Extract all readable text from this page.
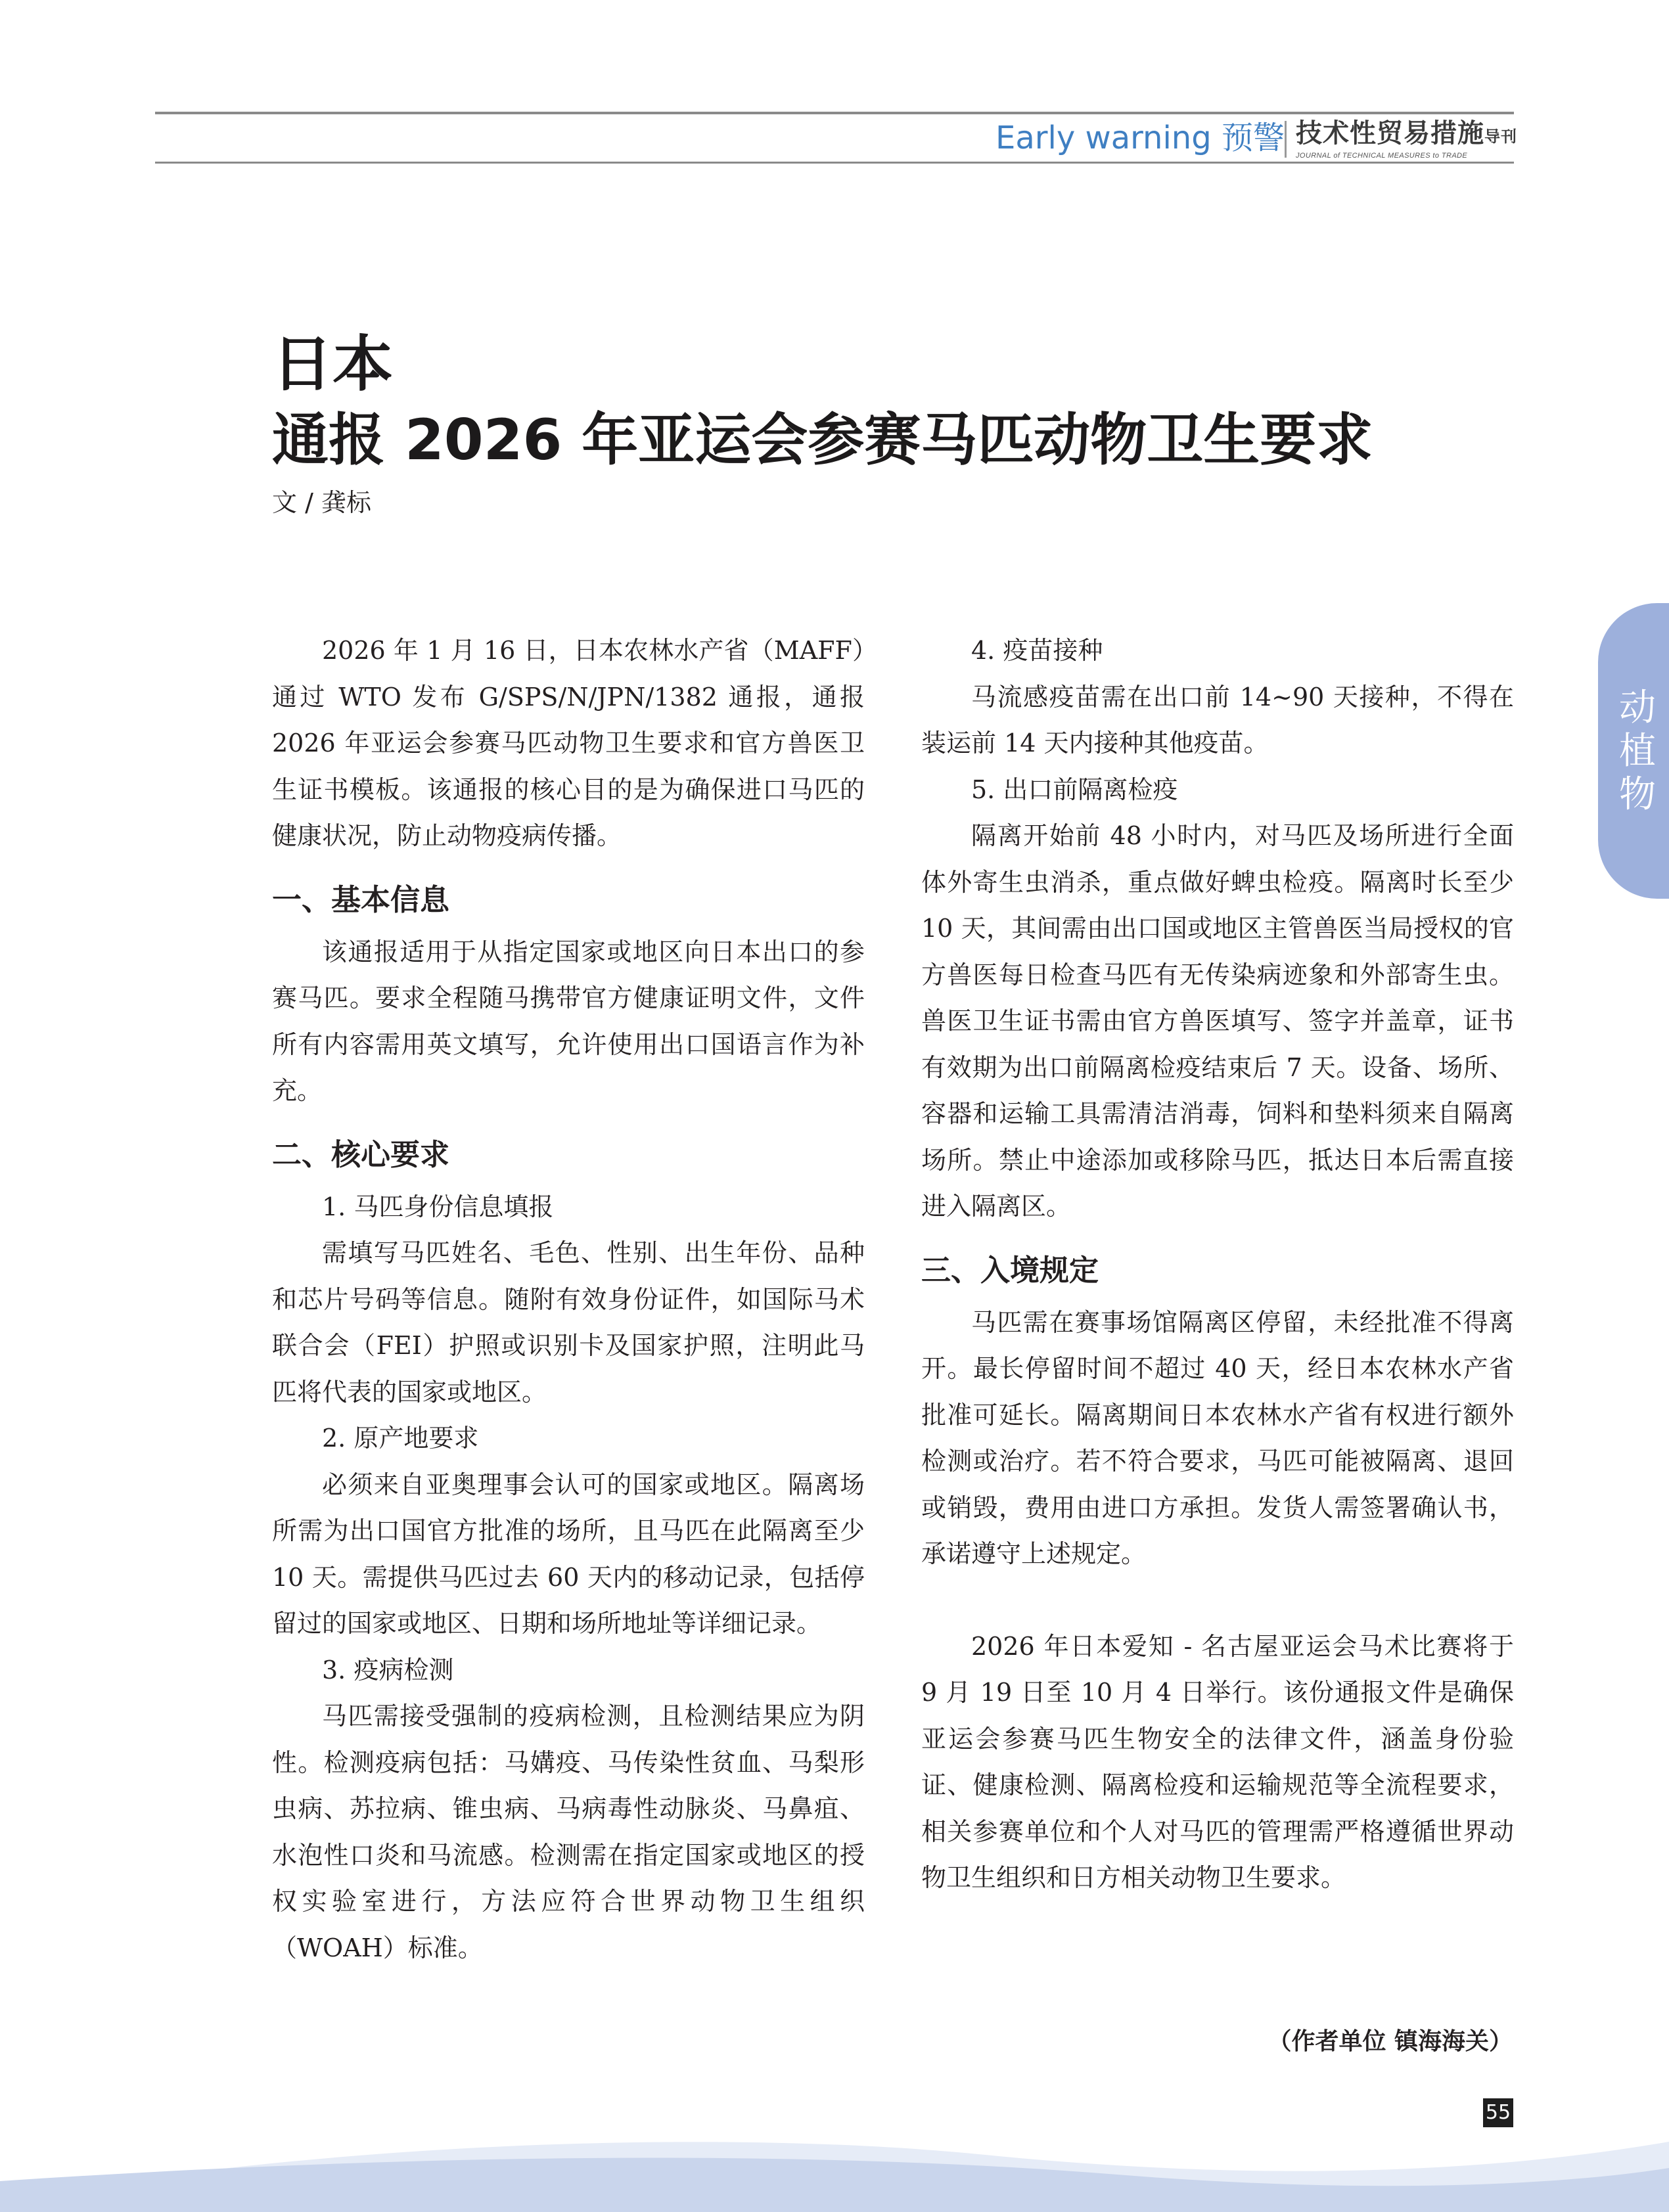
Early warning 预警 技术性贸易措施导刊
JOURNAL of TECHNICAL MEASURES to TRADE
日本
通报 2026 年亚运会参赛马匹动物卫生要求
文 / 龚标

2026 年 1 月 16 日，日本农林水产省（MAFF）通过 WTO 发布 G/SPS/N/JPN/1382 通报，通报 2026 年亚运会参赛马匹动物卫生要求和官方兽医卫生证书模板。该通报的核心目的是为确保进口马匹的健康状况，防止动物疫病传播。

一、基本信息

该通报适用于从指定国家或地区向日本出口的参赛马匹。要求全程随马携带官方健康证明文件，文件所有内容需用英文填写，允许使用出口国语言作为补充。

二、核心要求

1. 马匹身份信息填报

需填写马匹姓名、毛色、性别、出生年份、品种和芯片号码等信息。随附有效身份证件，如国际马术联合会（FEI）护照或识别卡及国家护照，注明此马匹将代表的国家或地区。

2. 原产地要求

必须来自亚奥理事会认可的国家或地区。隔离场所需为出口国官方批准的场所，且马匹在此隔离至少 10 天。需提供马匹过去 60 天内的移动记录，包括停留过的国家或地区、日期和场所地址等详细记录。

3. 疫病检测

马匹需接受强制的疫病检测，且检测结果应为阴性。检测疫病包括：马媾疫、马传染性贫血、马梨形虫病、苏拉病、锥虫病、马病毒性动脉炎、马鼻疽、水泡性口炎和马流感。检测需在指定国家或地区的授权实验室进行，方法应符合世界动物卫生组织（WOAH）标准。

4. 疫苗接种

马流感疫苗需在出口前 14~90 天接种，不得在装运前 14 天内接种其他疫苗。

5. 出口前隔离检疫

隔离开始前 48 小时内，对马匹及场所进行全面体外寄生虫消杀，重点做好蜱虫检疫。隔离时长至少 10 天，其间需由出口国或地区主管兽医当局授权的官方兽医每日检查马匹有无传染病迹象和外部寄生虫。兽医卫生证书需由官方兽医填写、签字并盖章，证书有效期为出口前隔离检疫结束后 7 天。设备、场所、容器和运输工具需清洁消毒，饲料和垫料须来自隔离场所。禁止中途添加或移除马匹，抵达日本后需直接进入隔离区。

三、入境规定

马匹需在赛事场馆隔离区停留，未经批准不得离开。最长停留时间不超过 40 天，经日本农林水产省批准可延长。隔离期间日本农林水产省有权进行额外检测或治疗。若不符合要求，马匹可能被隔离、退回或销毁，费用由进口方承担。发货人需签署确认书，承诺遵守上述规定。

2026 年日本爱知 - 名古屋亚运会马术比赛将于 9 月 19 日至 10 月 4 日举行。该份通报文件是确保亚运会参赛马匹生物安全的法律文件，涵盖身份验证、健康检测、隔离检疫和运输规范等全流程要求，相关参赛单位和个人对马匹的管理需严格遵循世界动物卫生组织和日方相关动物卫生要求。

（作者单位 镇海海关）
动
植
物
55
